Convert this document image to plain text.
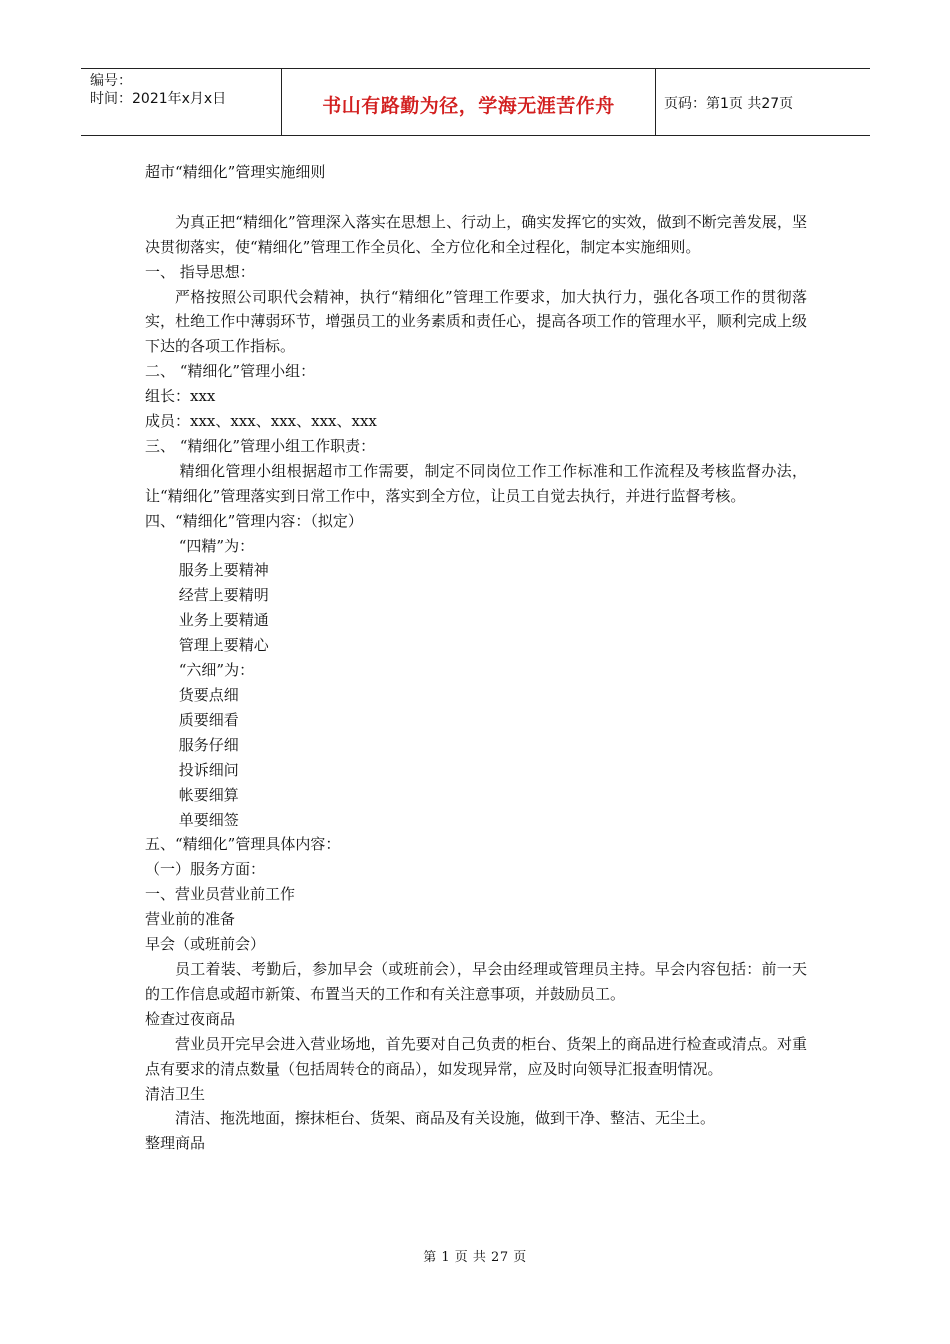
编号：
时间：2021年x月x日	书山有路勤为径，学海无涯苦作舟	页码：第1页 共27页

超市“精细化”管理实施细则

为真正把“精细化”管理深入落实在思想上、行动上，确实发挥它的实效，做到不断完善发展，坚决贯彻落实，使“精细化”管理工作全员化、全方位化和全过程化，制定本实施细则。

一、 指导思想：

严格按照公司职代会精神，执行“精细化”管理工作要求，加大执行力，强化各项工作的贯彻落实，杜绝工作中薄弱环节，增强员工的业务素质和责任心，提高各项工作的管理水平，顺利完成上级下达的各项工作指标。

二、 “精细化”管理小组：

组长：xxx

成员：xxx、xxx、xxx、xxx、xxx

三、 “精细化”管理小组工作职责：

精细化管理小组根据超市工作需要，制定不同岗位工作工作标准和工作流程及考核监督办法，让“精细化”管理落实到日常工作中，落实到全方位，让员工自觉去执行，并进行监督考核。

四、“精细化”管理内容：（拟定）

“四精”为：

服务上要精神

经营上要精明

业务上要精通

管理上要精心

“六细”为：

货要点细

质要细看

服务仔细

投诉细问

帐要细算

单要细签

五、“精细化”管理具体内容：

（一）服务方面：

一、营业员营业前工作

营业前的准备

早会（或班前会）

员工着装、考勤后，参加早会（或班前会），早会由经理或管理员主持。早会内容包括：前一天的工作信息或超市新策、布置当天的工作和有关注意事项，并鼓励员工。

检查过夜商品

营业员开完早会进入营业场地，首先要对自己负责的柜台、货架上的商品进行检查或清点。对重点有要求的清点数量（包括周转仓的商品），如发现异常，应及时向领导汇报查明情况。

清洁卫生

清洁、拖洗地面，擦抹柜台、货架、商品及有关设施，做到干净、整洁、无尘土。

整理商品

第 1 页 共 27 页
